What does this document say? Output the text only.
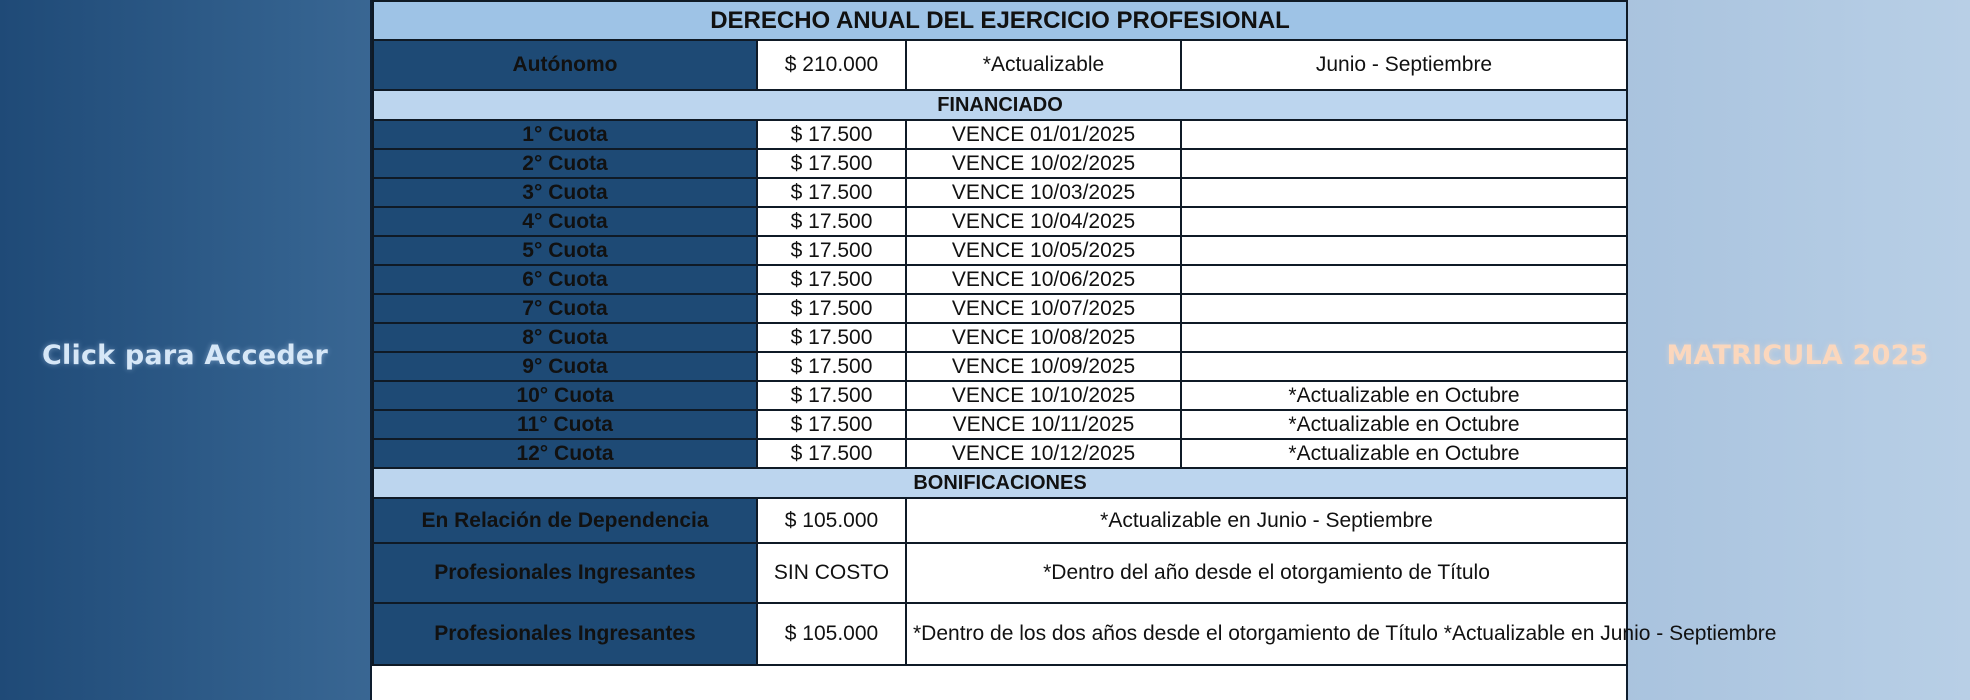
Click para Acceder	MATRICULA 2025
DERECHO ANUAL DEL EJERCICIO PROFESIONAL			
Autónomo	$ 210.000	*Actualizable	Junio - Septiembre
FINANCIADO			
1° Cuota	$ 17.500	VENCE 01/01/2025	
2° Cuota	$ 17.500	VENCE 10/02/2025	
3° Cuota	$ 17.500	VENCE 10/03/2025	
4° Cuota	$ 17.500	VENCE 10/04/2025	
5° Cuota	$ 17.500	VENCE 10/05/2025	
6° Cuota	$ 17.500	VENCE 10/06/2025	
7° Cuota	$ 17.500	VENCE 10/07/2025	
8° Cuota	$ 17.500	VENCE 10/08/2025	
9° Cuota	$ 17.500	VENCE 10/09/2025	
10° Cuota	$ 17.500	VENCE 10/10/2025	*Actualizable en Octubre
11° Cuota	$ 17.500	VENCE 10/11/2025	*Actualizable en Octubre
12° Cuota	$ 17.500	VENCE 10/12/2025	*Actualizable en Octubre
BONIFICACIONES			
En Relación de Dependencia	$ 105.000	*Actualizable en Junio - Septiembre	
Profesionales Ingresantes	SIN COSTO	*Dentro del año desde el otorgamiento de Título	
Profesionales Ingresantes	$ 105.000	*Dentro de los dos años desde el otorgamiento de Título *Actualizable en Junio - Septiembre	
